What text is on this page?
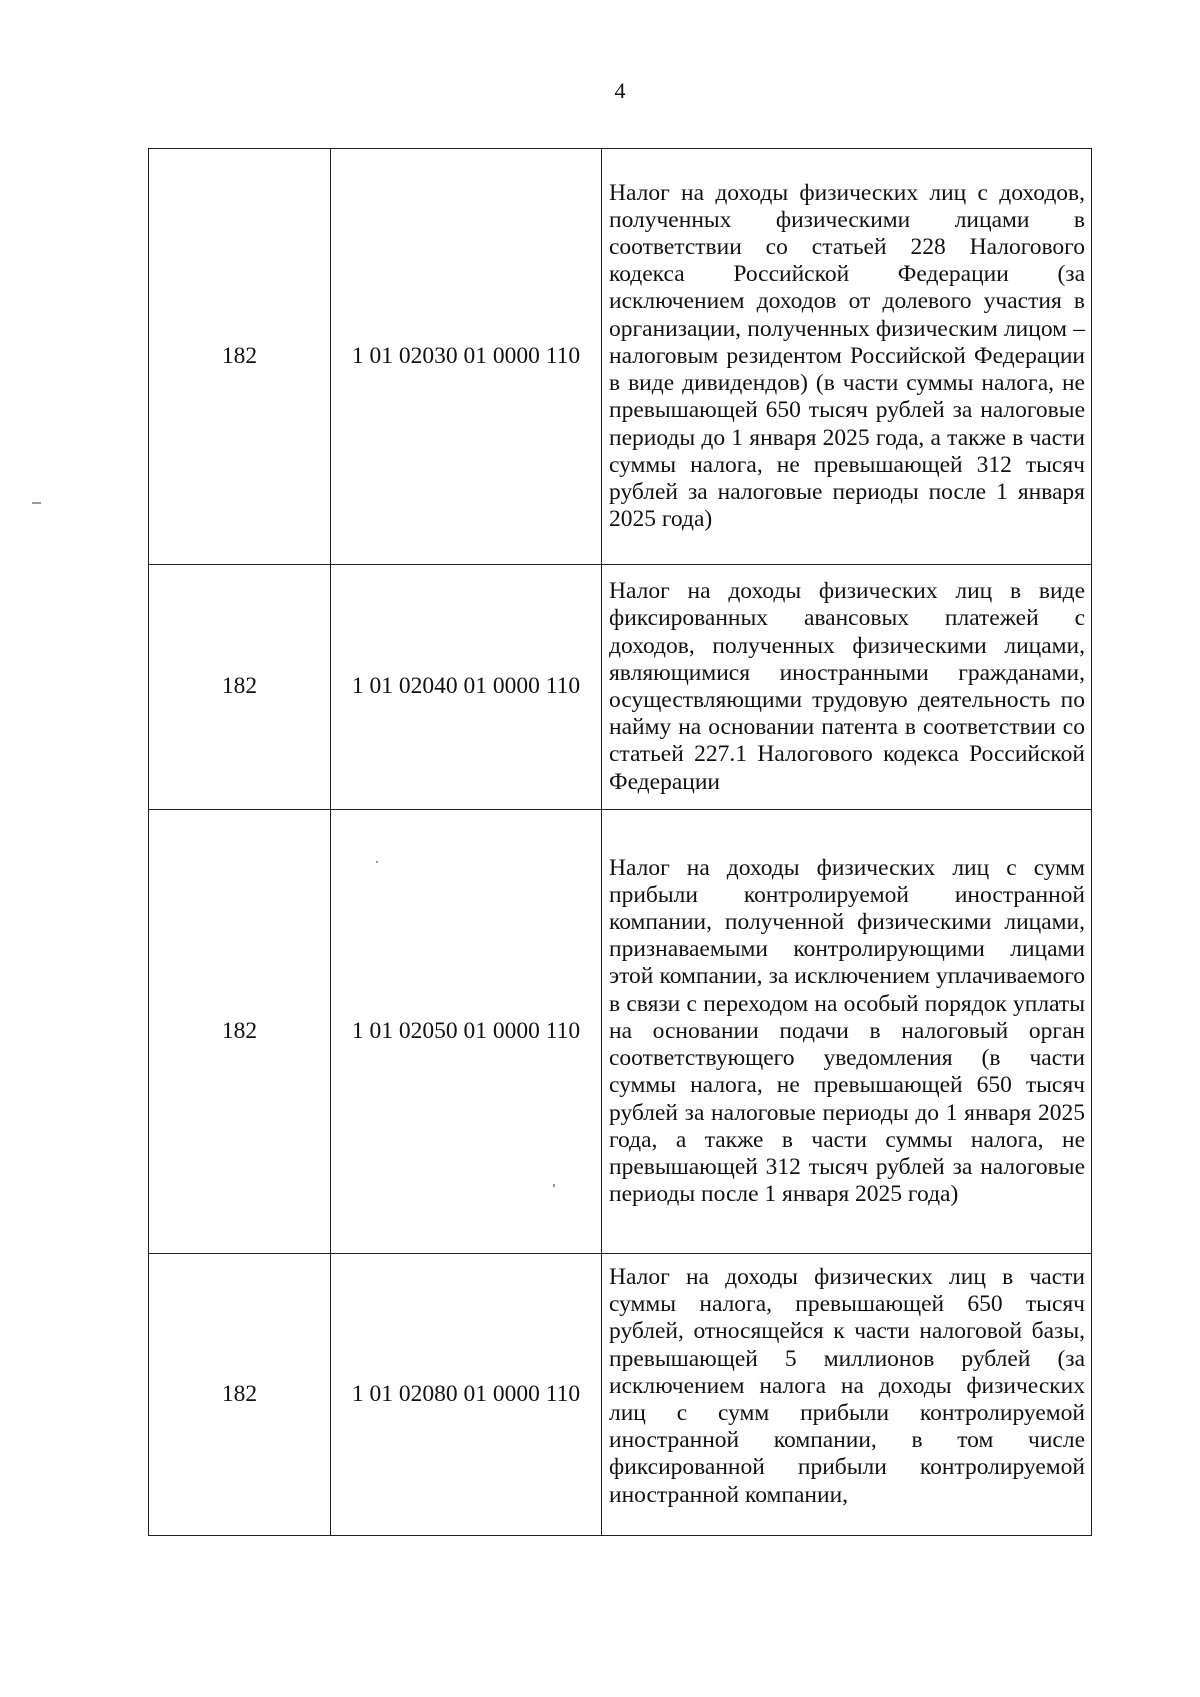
4
182	1 01 02030 01 0000 110	Налог на доходы физических лиц с доходов, полученных физическими лицами в соответствии со статьей 228 Налогового кодекса Российской Федерации (за исключением доходов от долевого участия в организации, полученных физическим лицом – налоговым резидентом Российской Федерации в виде дивидендов) (в части суммы налога, не превышающей 650 тысяч рублей за налоговые периоды до 1 января 2025 года, а также в части суммы налога, не превышающей 312 тысяч рублей за налоговые периоды после 1 января 2025 года)
182	1 01 02040 01 0000 110	Налог на доходы физических лиц в виде фиксированных авансовых платежей с доходов, полученных физическими лицами, являющимися иностранными гражданами, осуществляющими трудовую деятельность по найму на основании патента в соответствии со статьей 227.1 Налогового кодекса Российской Федерации
182	1 01 02050 01 0000 110	Налог на доходы физических лиц с сумм прибыли контролируемой иностранной компании, полученной физическими лицами, признаваемыми контролирующими лицами этой компании, за исключением уплачиваемого в связи с переходом на особый порядок уплаты на основании подачи в налоговый орган соответствующего уведомления (в части суммы налога, не превышающей 650 тысяч рублей за налоговые периоды до 1 января 2025 года, а также в части суммы налога, не превышающей 312 тысяч рублей за налоговые периоды после 1 января 2025 года)
182	1 01 02080 01 0000 110	Налог на доходы физических лиц в части суммы налога, превышающей 650 тысяч рублей, относящейся к части налоговой базы, превышающей 5 миллионов рублей (за исключением налога на доходы физических лиц с сумм прибыли контролируемой иностранной компании, в том числе фиксированной прибыли контролируемой иностранной компании,
